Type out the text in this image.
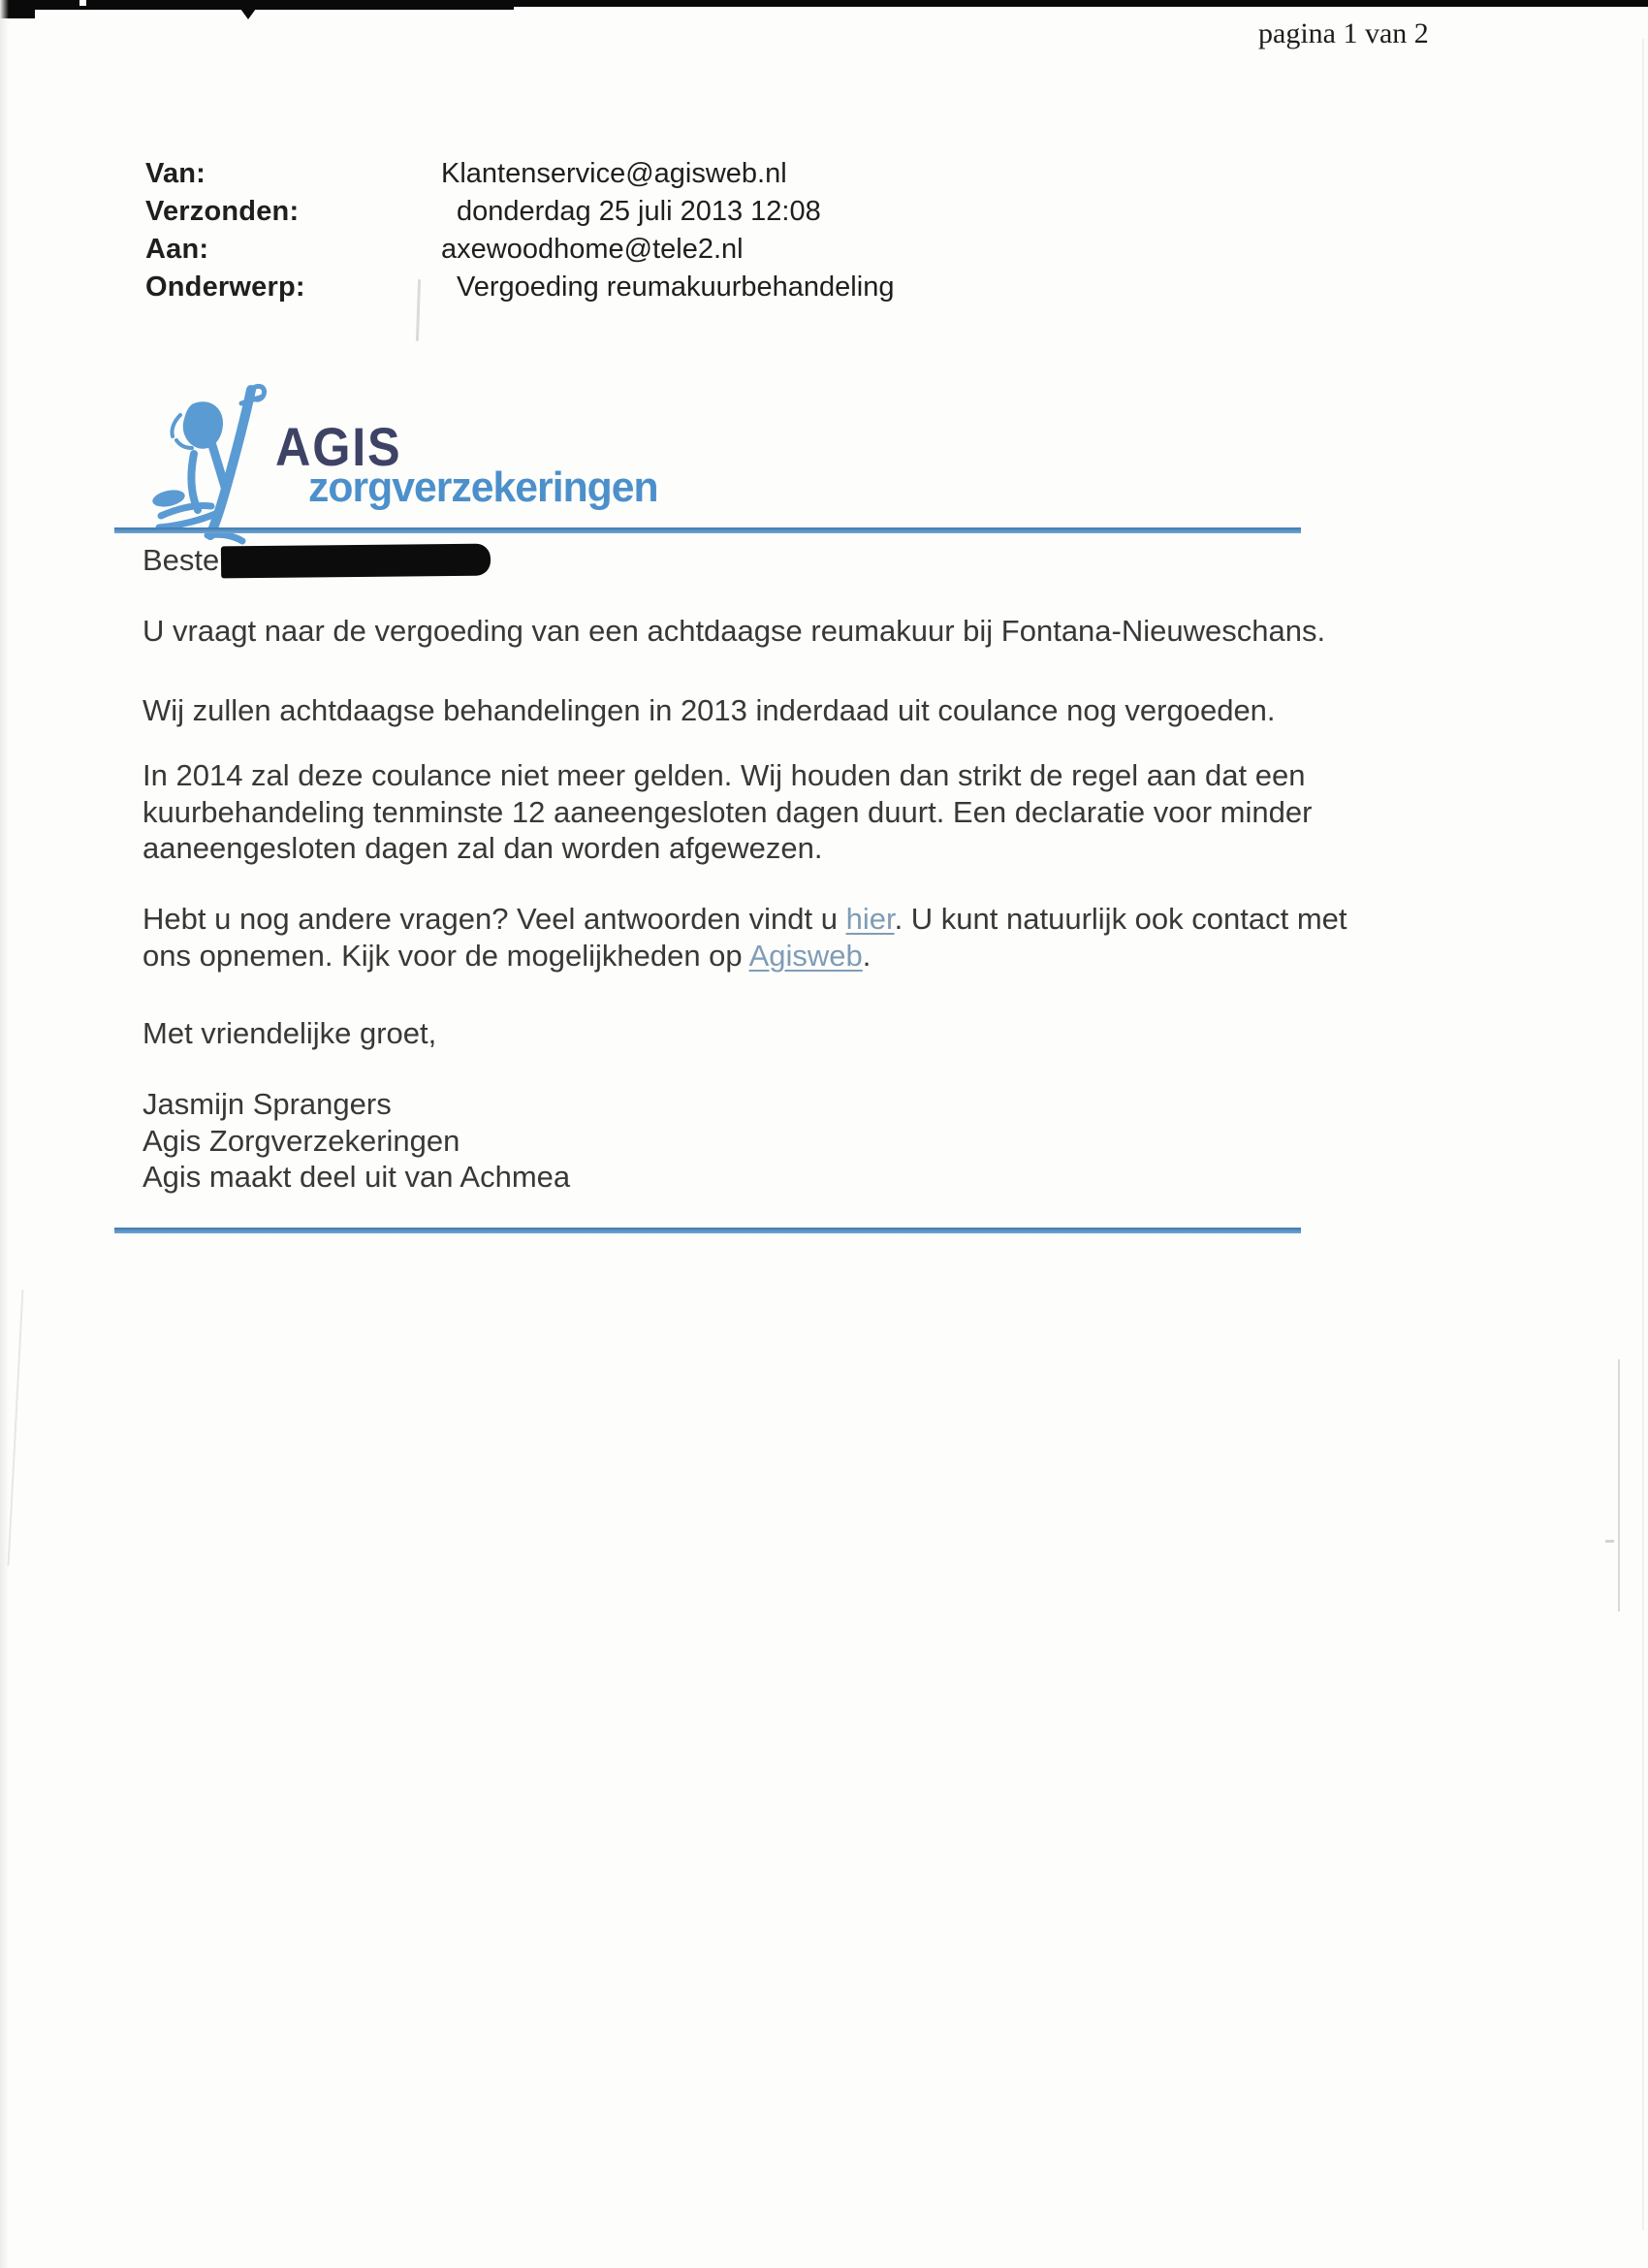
pagina 1 van 2
Van:	Klantenservice@agisweb.nl
Verzonden:	donderdag 25 juli 2013 12:08
Aan:	axewoodhome@tele2.nl
Onderwerp:	Vergoeding reumakuurbehandeling
AGIS
zorgverzekeringen
Beste
U vraagt naar de vergoeding van een achtdaagse reumakuur bij Fontana-Nieuweschans.
Wij zullen achtdaagse behandelingen in 2013 inderdaad uit coulance nog vergoeden.
In 2014 zal deze coulance niet meer gelden. Wij houden dan strikt de regel aan dat een
kuurbehandeling tenminste 12 aaneengesloten dagen duurt. Een declaratie voor minder
aaneengesloten dagen zal dan worden afgewezen.
Hebt u nog andere vragen? Veel antwoorden vindt u hier. U kunt natuurlijk ook contact met
ons opnemen. Kijk voor de mogelijkheden op Agisweb.
Met vriendelijke groet,
Jasmijn Sprangers
Agis Zorgverzekeringen
Agis maakt deel uit van Achmea
